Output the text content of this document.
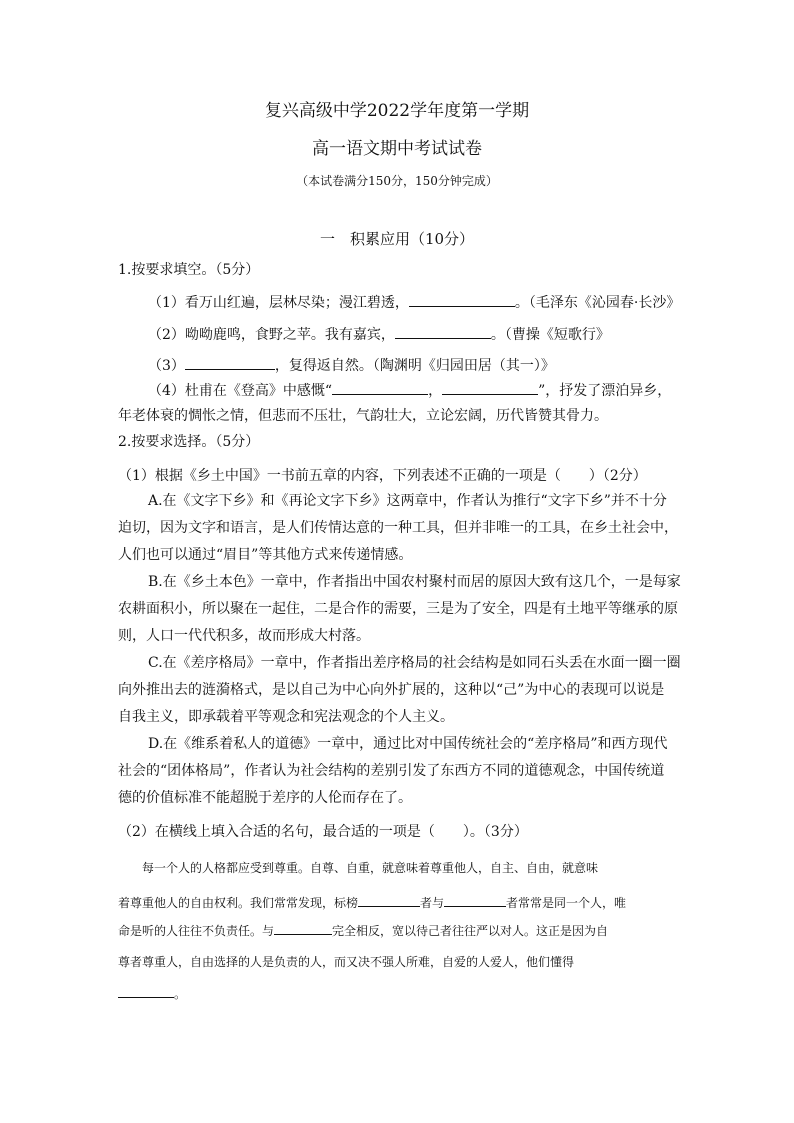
复兴高级中学2022学年度第一学期
高一语文期中考试试卷
（本试卷满分150分，150分钟完成）
一　积累应用（10分）
1.按要求填空。（5分）
（1）看万山红遍，层林尽染；漫江碧透，	。（毛泽东《沁园春·长沙》
（2）呦呦鹿鸣，食野之苹。我有嘉宾，	。（曹操《短歌行》
（3）	，复得返自然。（陶渊明《归园田居（其一）》
（4）杜甫在《登高》中感慨“	，	”，抒发了漂泊异乡，
年老体衰的惆怅之情，但悲而不压壮，气韵壮大，立论宏阔，历代皆赞其骨力。
2.按要求选择。（5分）
（1）根据《乡土中国》一书前五章的内容，下列表述不正确的一项是（　　）（2分）
A.在《文字下乡》和《再论文字下乡》这两章中，作者认为推行“文字下乡”并不十分
迫切，因为文字和语言，是人们传情达意的一种工具，但并非唯一的工具，在乡土社会中，
人们也可以通过“眉目”等其他方式来传递情感。
B.在《乡土本色》一章中，作者指出中国农村聚村而居的原因大致有这几个，一是每家
农耕面积小，所以聚在一起住，二是合作的需要，三是为了安全，四是有土地平等继承的原
则，人口一代代积多，故而形成大村落。
C.在《差序格局》一章中，作者指出差序格局的社会结构是如同石头丢在水面一圈一圈
向外推出去的涟漪格式，是以自己为中心向外扩展的，这种以“己”为中心的表现可以说是
自我主义，即承载着平等观念和宪法观念的个人主义。
D.在《维系着私人的道德》一章中，通过比对中国传统社会的“差序格局”和西方现代
社会的“团体格局”，作者认为社会结构的差别引发了东西方不同的道德观念，中国传统道
德的价值标准不能超脱于差序的人伦而存在了。
（2）在横线上填入合适的名句，最合适的一项是（　　）。（3分）
每一个人的人格都应受到尊重。自尊、自重，就意味着尊重他人，自主、自由，就意味
着尊重他人的自由权利。我们常常发现，标榜	者与	者常常是同一个人，唯
命是听的人往往不负责任。与	完全相反，宽以待己者往往严以对人。这正是因为自
尊者尊重人，自由选择的人是负责的人，而又决不强人所难，自爱的人爱人，他们懂得
。
